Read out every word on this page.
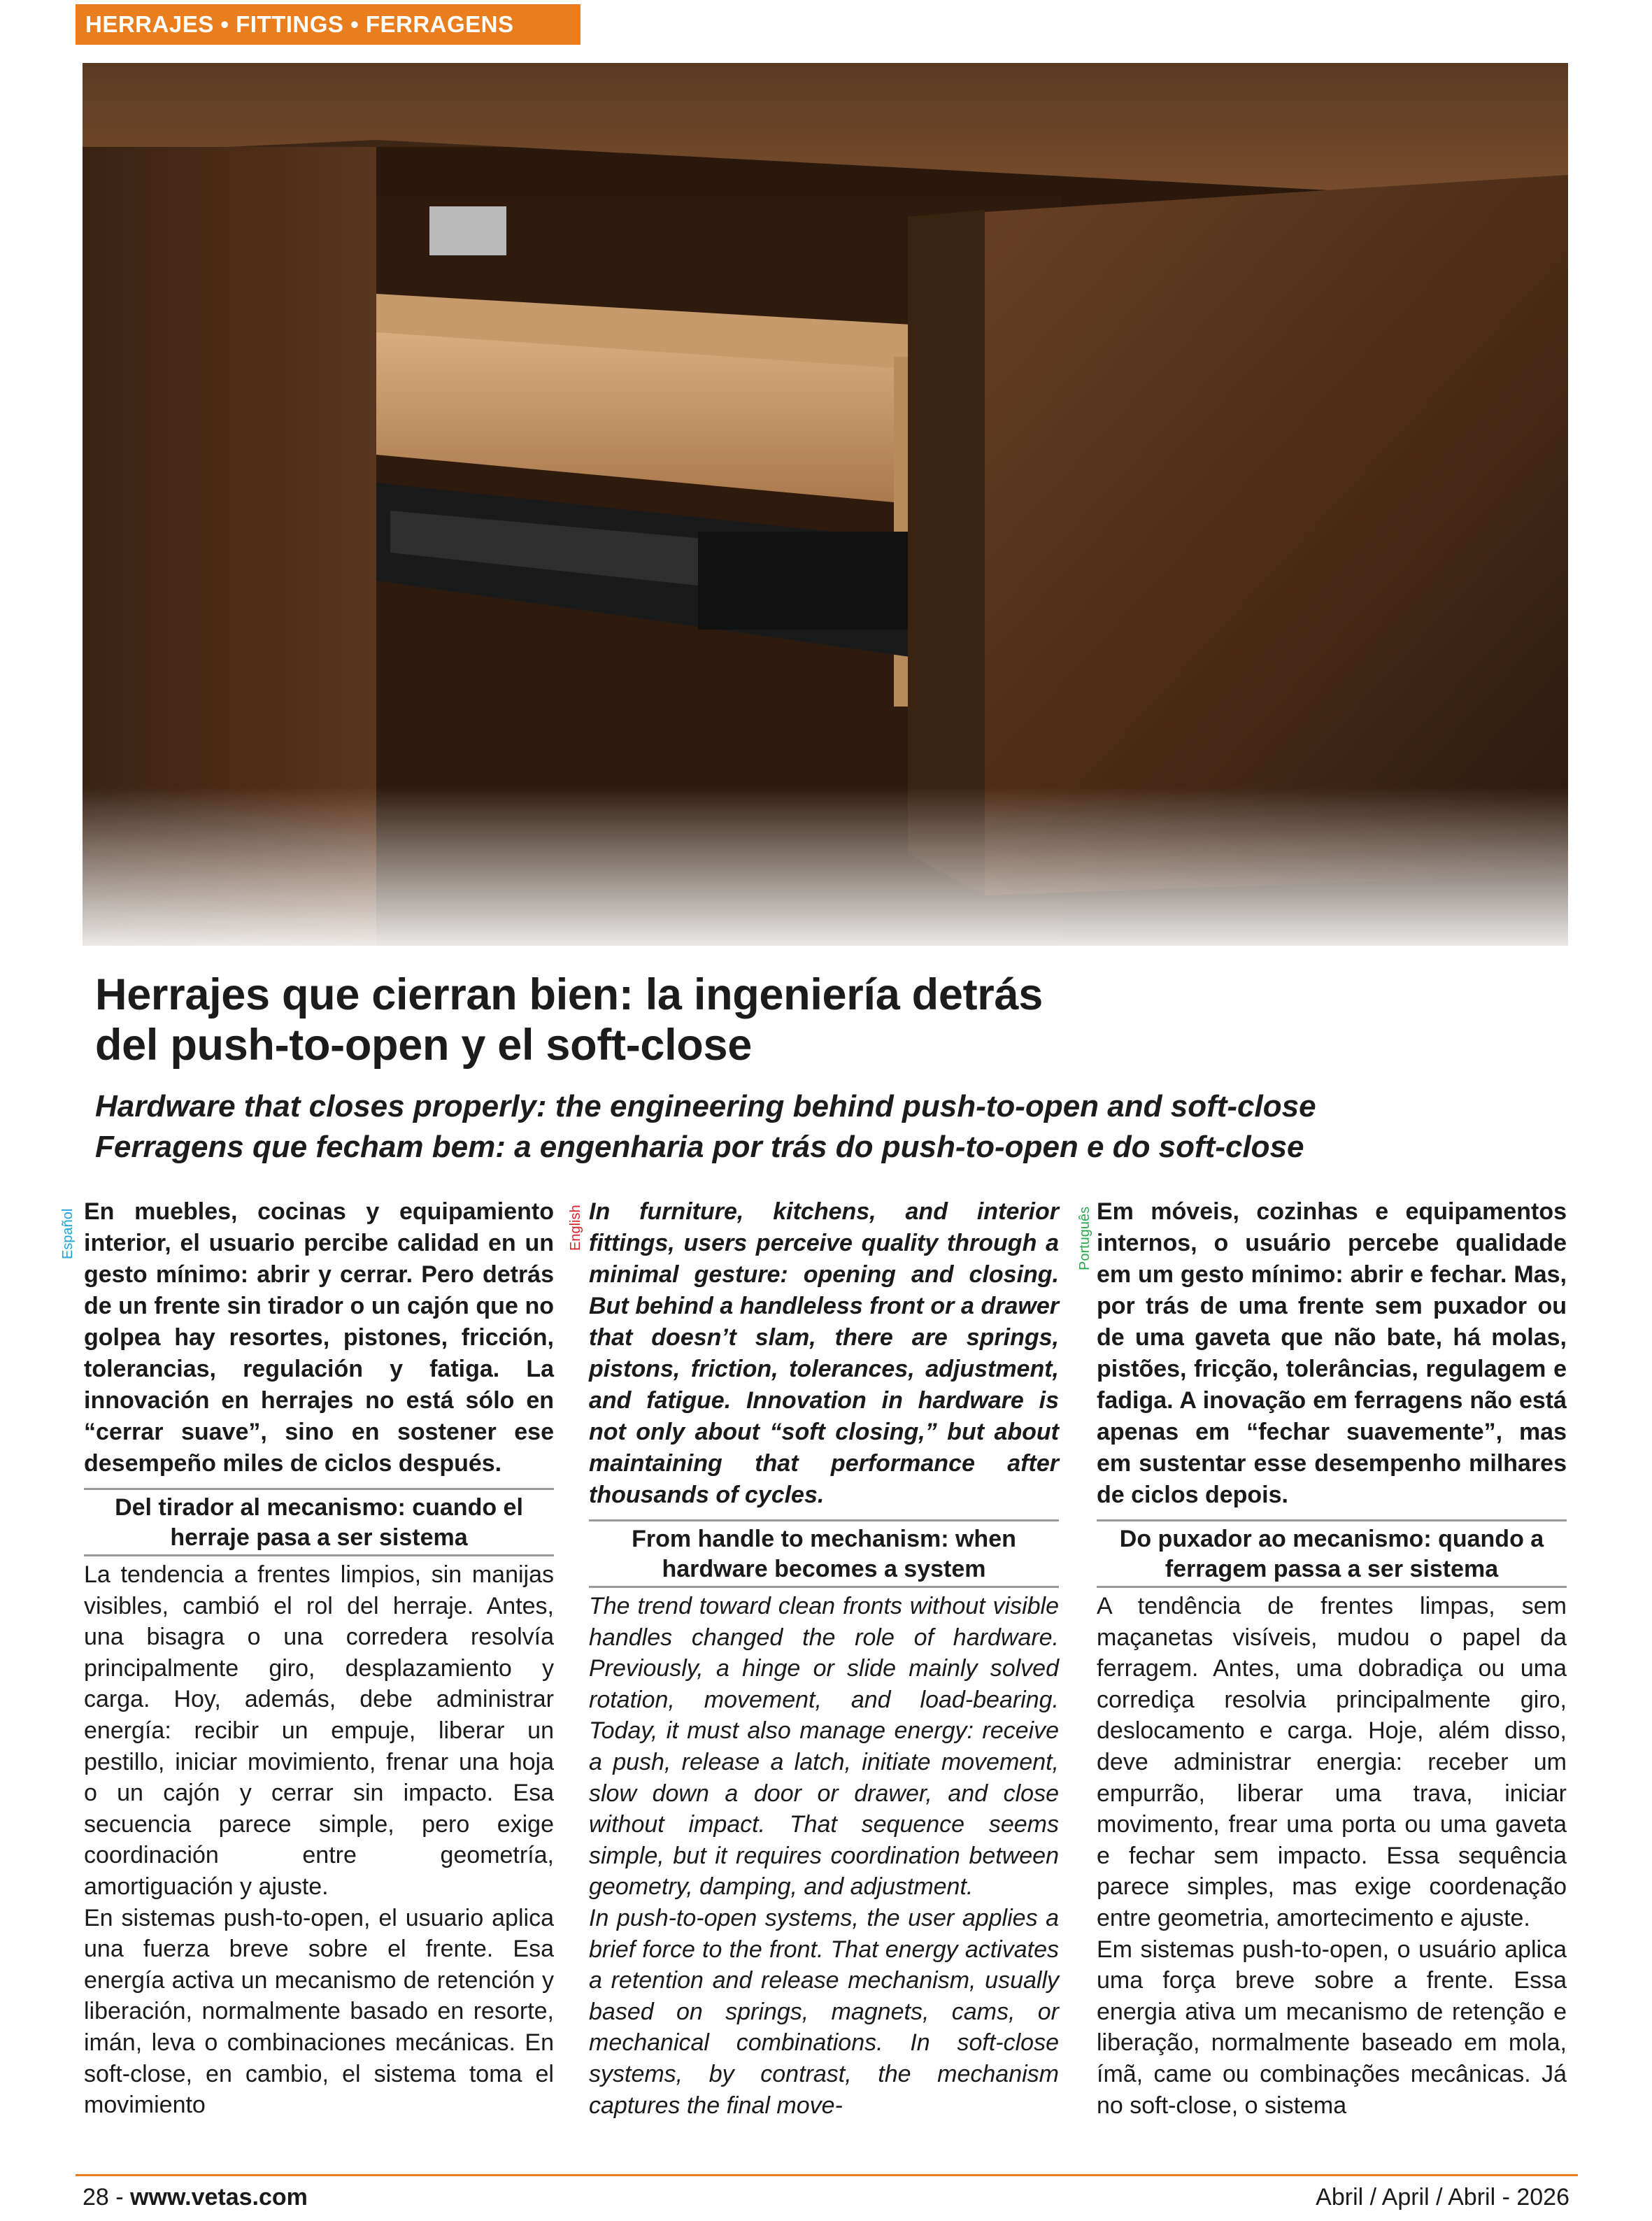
HERRAJES • FITTINGS • FERRAGENS
Herrajes que cierran bien: la ingeniería detrás
del push-to-open y el soft-close

Hardware that closes properly: the engineering behind push-to-open and soft-close

Ferragens que fecham bem: a engenharia por trás do push-to-open e do soft-close

Español	English	Português

En muebles, cocinas y equipamiento interior, el usuario percibe calidad en un gesto mínimo: abrir y cerrar. Pero detrás de un frente sin tirador o un cajón que no golpea hay resortes, pistones, fricción, tolerancias, regulación y fatiga. La innovación en herrajes no está sólo en “cerrar suave”, sino en sostener ese desempeño miles de ciclos después.

Del tirador al mecanismo: cuando el herraje pasa a ser sistema

La tendencia a frentes limpios, sin manijas visibles, cambió el rol del herraje. Antes, una bisagra o una corredera resolvía principalmente giro, desplazamiento y carga. Hoy, además, debe administrar energía: recibir un empuje, liberar un pestillo, iniciar movimiento, frenar una hoja o un cajón y cerrar sin impacto. Esa secuencia parece simple, pero exige coordinación entre geometría, amortiguación y ajuste.

En sistemas push-to-open, el usuario aplica una fuerza breve sobre el frente. Esa energía activa un mecanismo de retención y liberación, normalmente basado en resorte, imán, leva o combinaciones mecánicas. En soft-close, en cambio, el sistema toma el movimiento

In furniture, kitchens, and interior fittings, users perceive quality through a minimal gesture: opening and closing. But behind a handleless front or a drawer that doesn’t slam, there are springs, pistons, friction, tolerances, adjustment, and fatigue. Innovation in hardware is not only about “soft closing,” but about maintaining that performance after thousands of cycles.

From handle to mechanism: when hardware becomes a system

The trend toward clean fronts without visible handles changed the role of hardware. Previously, a hinge or slide mainly solved rotation, movement, and load-bearing. Today, it must also manage energy: receive a push, release a latch, initiate movement, slow down a door or drawer, and close without impact. That sequence seems simple, but it requires coordination between geometry, damping, and adjustment.

In push-to-open systems, the user applies a brief force to the front. That energy activates a retention and release mechanism, usually based on springs, magnets, cams, or mechanical combinations. In soft-close systems, by contrast, the mechanism captures the final move-

Em móveis, cozinhas e equipamentos internos, o usuário percebe qualidade em um gesto mínimo: abrir e fechar. Mas, por trás de uma frente sem puxador ou de uma gaveta que não bate, há molas, pistões, fricção, tolerâncias, regulagem e fadiga. A inovação em ferragens não está apenas em “fechar suavemente”, mas em sustentar esse desempenho milhares de ciclos depois.

Do puxador ao mecanismo: quando a ferragem passa a ser sistema

A tendência de frentes limpas, sem maçanetas visíveis, mudou o papel da ferragem. Antes, uma dobradiça ou uma corrediça resolvia principalmente giro, deslocamento e carga. Hoje, além disso, deve administrar energia: receber um empurrão, liberar uma trava, iniciar movimento, frear uma porta ou uma gaveta e fechar sem impacto. Essa sequência parece simples, mas exige coordenação entre geometria, amortecimento e ajuste.

Em sistemas push-to-open, o usuário aplica uma força breve sobre a frente. Essa energia ativa um mecanismo de retenção e liberação, normalmente baseado em mola, ímã, came ou combinações mecânicas. Já no soft-close, o sistema

28 - www.vetas.com	Abril / April / Abril - 2026
